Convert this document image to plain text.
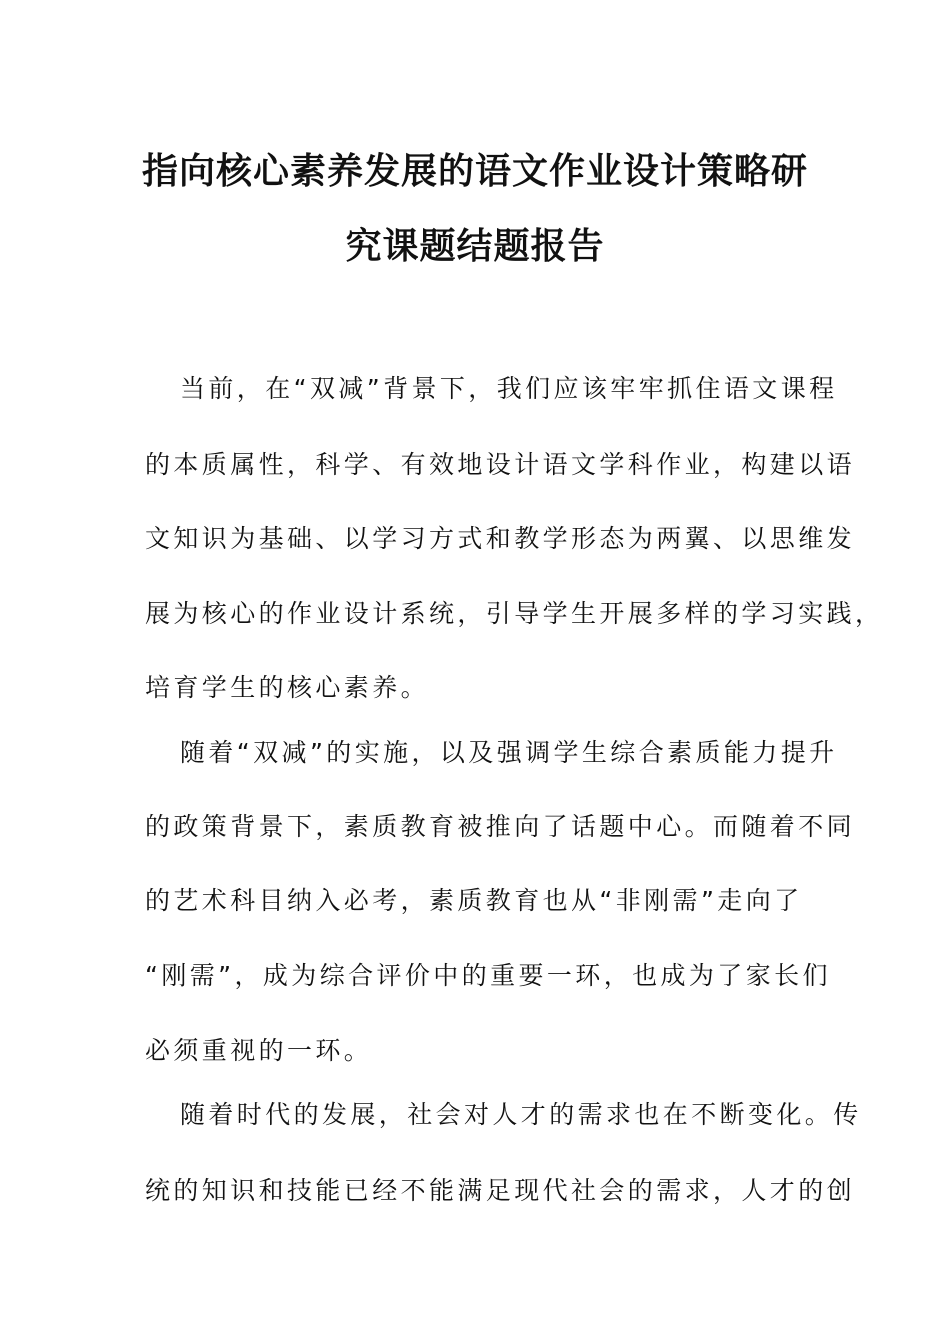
指向核心素养发展的语文作业设计策略研
究课题结题报告

当前，在“双减”背景下，我们应该牢牢抓住语文课程

的本质属性，科学、有效地设计语文学科作业，构建以语

文知识为基础、以学习方式和教学形态为两翼、以思维发

展为核心的作业设计系统，引导学生开展多样的学习实践，

培育学生的核心素养。

随着“双减”的实施，以及强调学生综合素质能力提升

的政策背景下，素质教育被推向了话题中心。而随着不同

的艺术科目纳入必考，素质教育也从“非刚需”走向了

“刚需”，成为综合评价中的重要一环，也成为了家长们

必须重视的一环。

随着时代的发展，社会对人才的需求也在不断变化。传

统的知识和技能已经不能满足现代社会的需求，人才的创
